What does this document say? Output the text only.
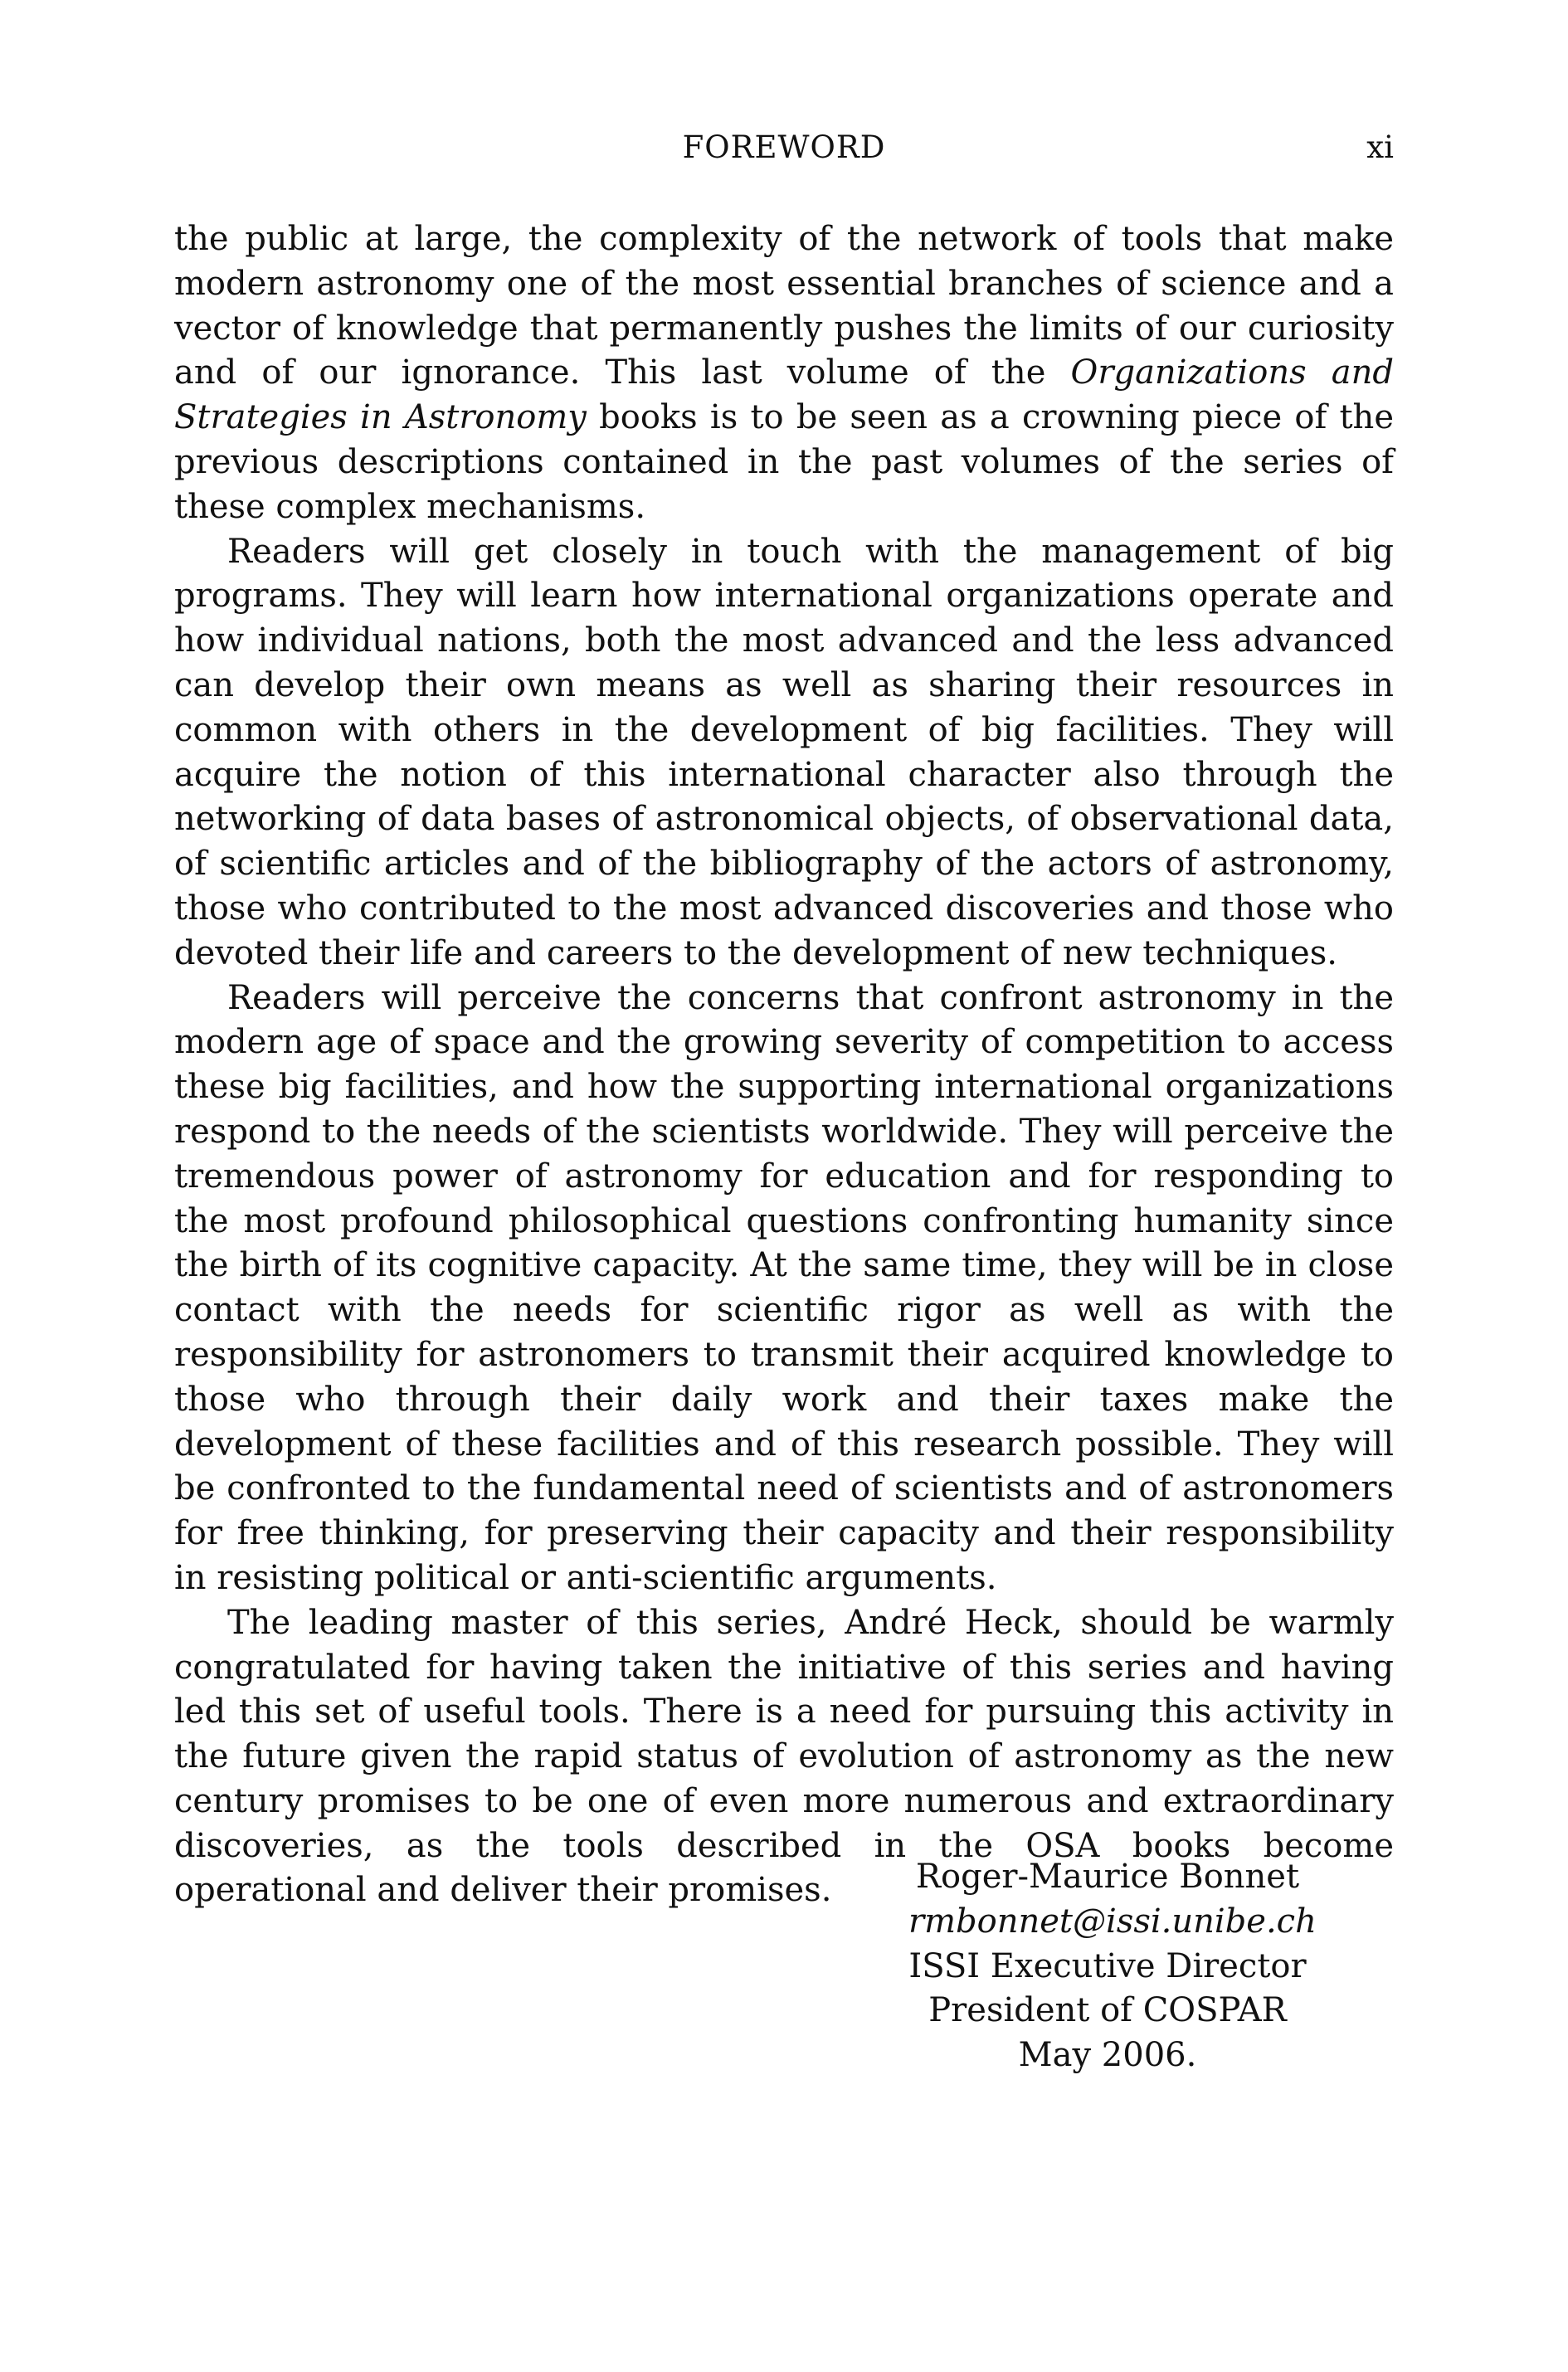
FOREWORD	xi

the public at large, the complexity of the network of tools that make modern astronomy one of the most essential branches of science and a vector of knowledge that permanently pushes the limits of our curiosity and of our ignorance. This last volume of the Organizations and Strategies in Astronomy books is to be seen as a crowning piece of the previous descriptions contained in the past volumes of the series of these complex mechanisms.

Readers will get closely in touch with the management of big programs. They will learn how international organizations operate and how individual nations, both the most advanced and the less advanced can develop their own means as well as sharing their resources in common with others in the development of big facilities. They will acquire the notion of this international character also through the networking of data bases of astronomical objects, of observational data, of scientific articles and of the bibliography of the actors of astronomy, those who contributed to the most advanced discoveries and those who devoted their life and careers to the development of new techniques.

Readers will perceive the concerns that confront astronomy in the modern age of space and the growing severity of competition to access these big facilities, and how the supporting international organizations respond to the needs of the scientists worldwide. They will perceive the tremendous power of astronomy for education and for responding to the most profound philosophical questions confronting humanity since the birth of its cognitive capacity. At the same time, they will be in close contact with the needs for scientific rigor as well as with the responsibility for astronomers to transmit their acquired knowledge to those who through their daily work and their taxes make the development of these facilities and of this research possible. They will be confronted to the fundamental need of scientists and of astronomers for free thinking, for preserving their capacity and their responsibility in resisting political or anti-scientific arguments.

The leading master of this series, André Heck, should be warmly congratulated for having taken the initiative of this series and having led this set of useful tools. There is a need for pursuing this activity in the future given the rapid status of evolution of astronomy as the new century promises to be one of even more numerous and extraordinary discoveries, as the tools described in the OSA books become operational and deliver their promises.	Roger-Maurice Bonnet
rmbonnet@issi.unibe.ch
ISSI Executive Director
President of COSPAR
May 2006.
